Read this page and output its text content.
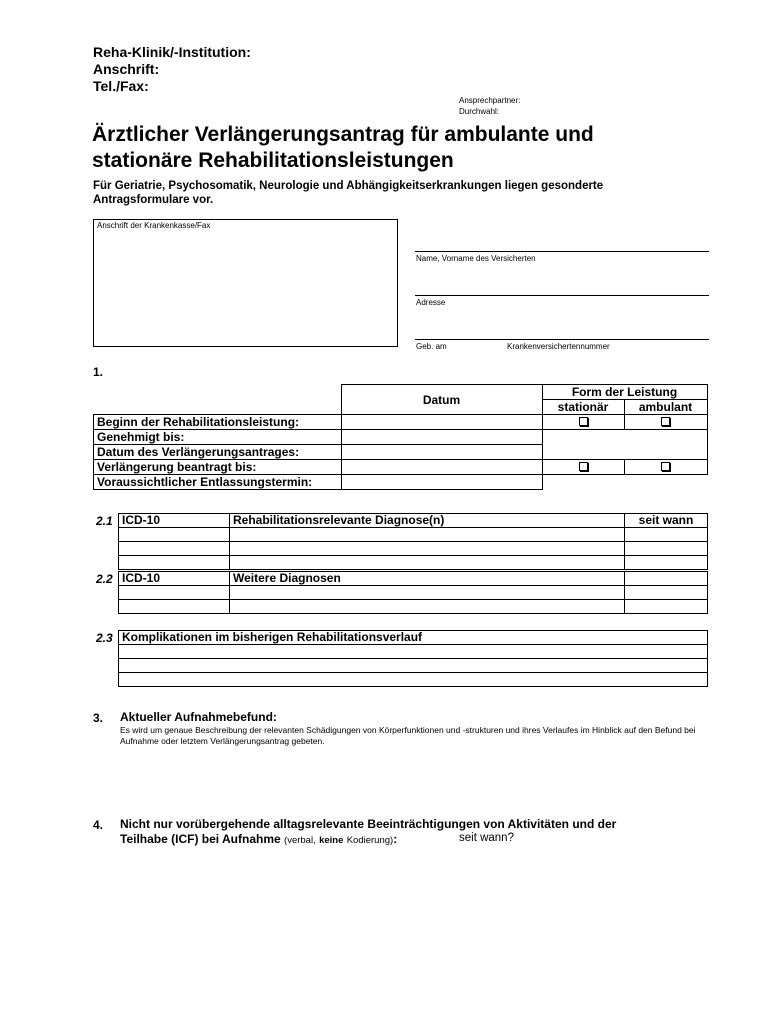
Reha-Klinik/-Institution:
Anschrift:
Tel./Fax:
Ansprechpartner:
Durchwahl:
Ärztlicher Verlängerungsantrag für ambulante und
stationäre Rehabilitationsleistungen
Für Geriatrie, Psychosomatik, Neurologie und Abhängigkeitserkrankungen liegen gesonderte Antragsformulare vor.
Anschrift der Krankenkasse/Fax
Name, Vorname des Versicherten
Adresse
Geb. am	Krankenversichertennummer
1.
	Datum	Form der Leistung	
		stationär	ambulant
Beginn der Rehabilitationsleistung:			
Genehmigt bis:			
Datum des Verlängerungsantrages:			
Verlängerung beantragt bis:			
Voraussichtlicher Entlassungstermin:			
2.1 ICD-10	Rehabilitationsrelevante Diagnose(n)	seit wann

2.2 ICD-10	Weitere Diagnosen	

2.3 Komplikationen im bisherigen Rehabilitationsverlauf

3. Aktueller Aufnahmebefund:
Es wird um genaue Beschreibung der relevanten Schädigungen von Körperfunktionen und -strukturen und ihres Verlaufes im Hinblick auf den Befund bei Aufnahme oder letztem Verlängerungsantrag gebeten.
4. Nicht nur vorübergehende alltagsrelevante Beeinträchtigungen von Aktivitäten und der
Teilhabe (ICF) bei Aufnahme (verbal, keine Kodierung):	seit wann?
